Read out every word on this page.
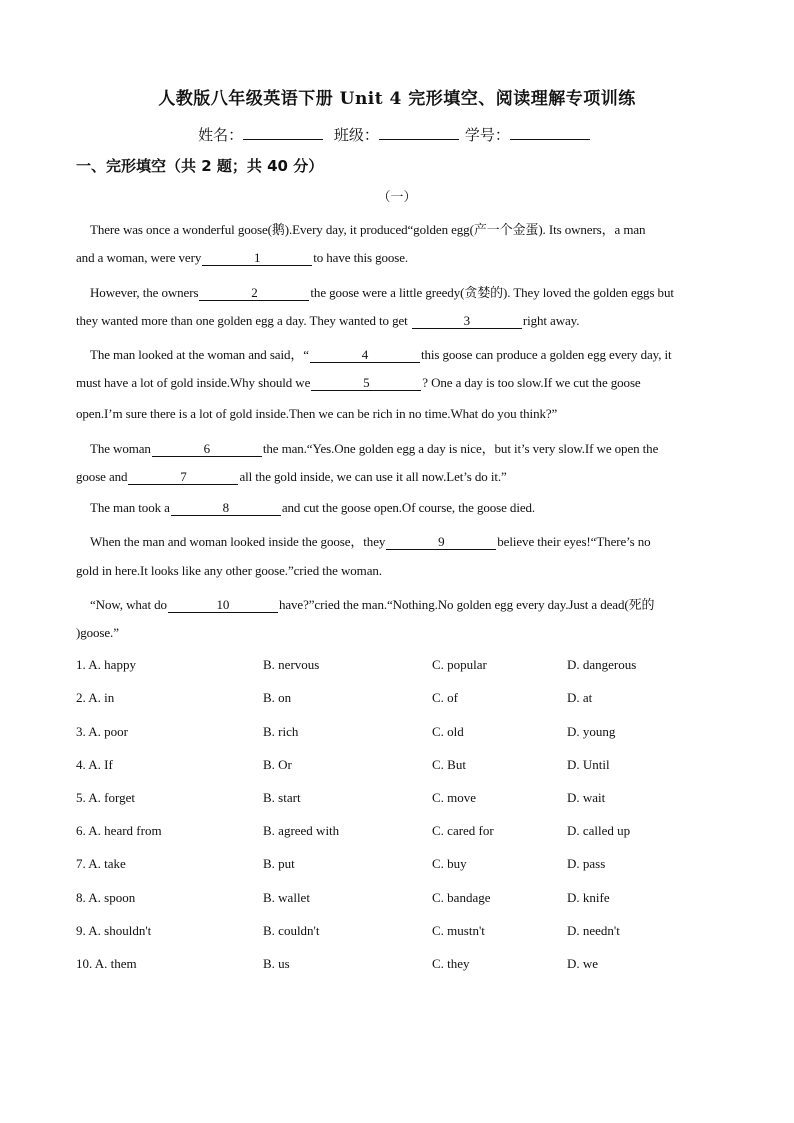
人教版八年级英语下册 Unit 4 完形填空、阅读理解专项训练
姓名：	班级：	学号：
一、完形填空（共 2 题；共 40 分）
（一）
There was once a wonderful goose(鹅).Every day, it produced“golden egg(产一个金蛋). Its owners，a man
and a woman, were very	1	to have this goose.
However, the owners	2	the goose were a little greedy(贪婪的). They loved the golden eggs but
they wanted more than one golden egg a day. They wanted to get	3	right away.
The man looked at the woman and said，“	4	this goose can produce a golden egg every day, it
must have a lot of gold inside.Why should we	5	? One a day is too slow.If we cut the goose
open.I’m sure there is a lot of gold inside.Then we can be rich in no time.What do you think?”
The woman	6	the man.“Yes.One golden egg a day is nice，but it’s very slow.If we open the
goose and	7	all the gold inside, we can use it all now.Let’s do it.”
The man took a	8	and cut the goose open.Of course, the goose died.
When the man and woman looked inside the goose，they	9	believe their eyes!“There’s no
gold in here.It looks like any other goose.”cried the woman.
“Now, what do	10	have?”cried the man.“Nothing.No golden egg every day.Just a dead(死的
)goose.”
1. A. happy	B. nervous	C. popular	D. dangerous
2. A. in	B. on	C. of	D. at
3. A. poor	B. rich	C. old	D. young
4. A. If	B. Or	C. But	D. Until
5. A. forget	B. start	C. move	D. wait
6. A. heard from	B. agreed with	C. cared for	D. called up
7. A. take	B. put	C. buy	D. pass
8. A. spoon	B. wallet	C. bandage	D. knife
9. A. shouldn't	B. couldn't	C. mustn't	D. needn't
10. A. them	B. us	C. they	D. we
